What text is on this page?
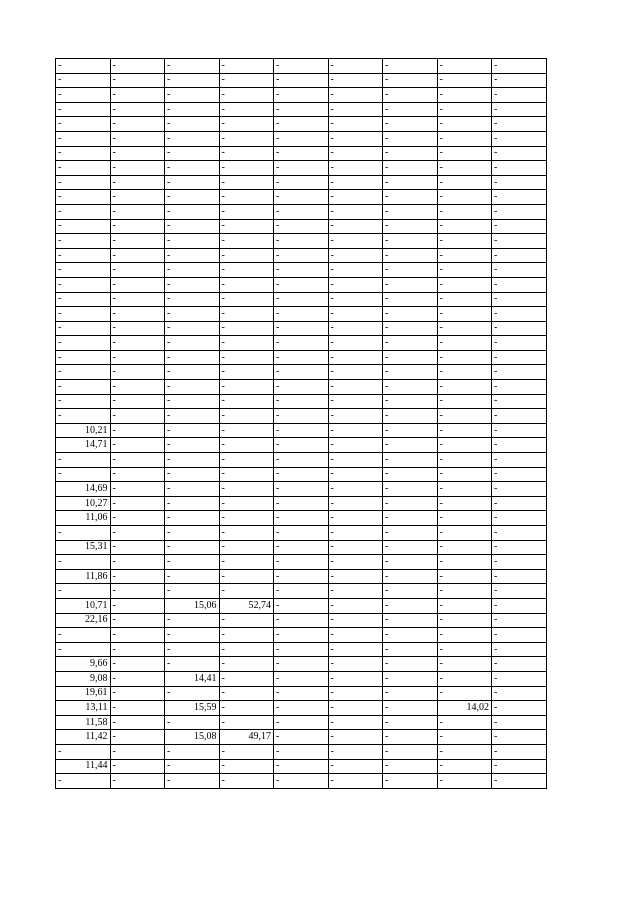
-	-	-	-	-	-	-	-	-
-	-	-	-	-	-	-	-	-
-	-	-	-	-	-	-	-	-
-	-	-	-	-	-	-	-	-
-	-	-	-	-	-	-	-	-
-	-	-	-	-	-	-	-	-
-	-	-	-	-	-	-	-	-
-	-	-	-	-	-	-	-	-
-	-	-	-	-	-	-	-	-
-	-	-	-	-	-	-	-	-
-	-	-	-	-	-	-	-	-
-	-	-	-	-	-	-	-	-
-	-	-	-	-	-	-	-	-
-	-	-	-	-	-	-	-	-
-	-	-	-	-	-	-	-	-
-	-	-	-	-	-	-	-	-
-	-	-	-	-	-	-	-	-
-	-	-	-	-	-	-	-	-
-	-	-	-	-	-	-	-	-
-	-	-	-	-	-	-	-	-
-	-	-	-	-	-	-	-	-
-	-	-	-	-	-	-	-	-
-	-	-	-	-	-	-	-	-
-	-	-	-	-	-	-	-	-
-	-	-	-	-	-	-	-	-
10,21	-	-	-	-	-	-	-	-
14,71	-	-	-	-	-	-	-	-
-	-	-	-	-	-	-	-	-
-	-	-	-	-	-	-	-	-
14,69	-	-	-	-	-	-	-	-
10,27	-	-	-	-	-	-	-	-
11,06	-	-	-	-	-	-	-	-
-	-	-	-	-	-	-	-	-
15,31	-	-	-	-	-	-	-	-
-	-	-	-	-	-	-	-	-
11,86	-	-	-	-	-	-	-	-
-	-	-	-	-	-	-	-	-
10,71	-	15,06	52,74	-	-	-	-	-
22,16	-	-	-	-	-	-	-	-
-	-	-	-	-	-	-	-	-
-	-	-	-	-	-	-	-	-
9,66	-	-	-	-	-	-	-	-
9,08	-	14,41	-	-	-	-	-	-
19,61	-	-	-	-	-	-	-	-
13,11	-	15,59	-	-	-	-	14,02	-
11,58	-	-	-	-	-	-	-	-
11,42	-	15,08	49,17	-	-	-	-	-
-	-	-	-	-	-	-	-	-
11,44	-	-	-	-	-	-	-	-
-	-	-	-	-	-	-	-	-
